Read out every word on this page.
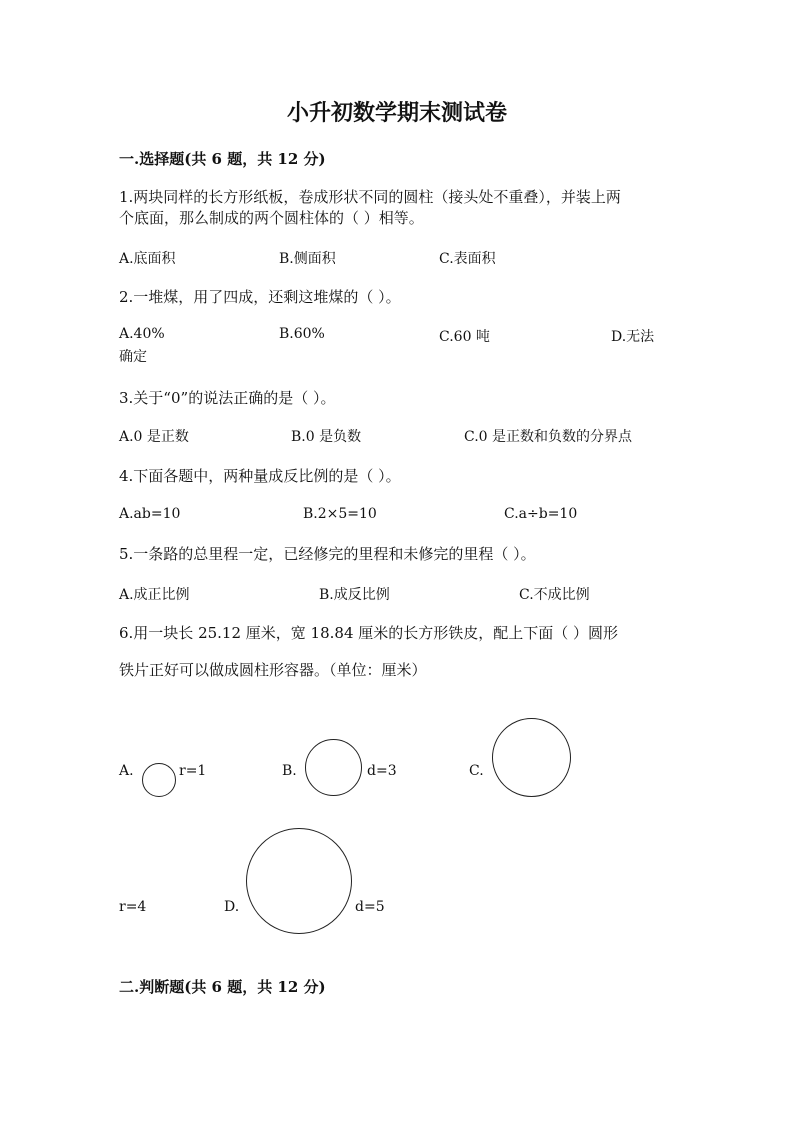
小升初数学期末测试卷
一.选择题(共 6 题，共 12 分)
1.两块同样的长方形纸板，卷成形状不同的圆柱（接头处不重叠），并装上两
个底面，那么制成的两个圆柱体的（ ）相等。
A.底面积	B.侧面积	C.表面积
2.一堆煤，用了四成，还剩这堆煤的（ ）。
A.40%	B.60%	C.60 吨	D.无法
确定
3.关于“0”的说法正确的是（ ）。
A.0 是正数	B.0 是负数	C.0 是正数和负数的分界点
4.下面各题中，两种量成反比例的是（ ）。
A.ab=10	B.2×5=10	C.a÷b=10
5.一条路的总里程一定，已经修完的里程和未修完的里程（ ）。
A.成正比例	B.成反比例	C.不成比例
6.用一块长 25.12 厘米，宽 18.84 厘米的长方形铁皮，配上下面（ ）圆形
铁片正好可以做成圆柱形容器。（单位：厘米）
A.	r=1	B.	d=3	C.
r=4	D.	d=5
二.判断题(共 6 题，共 12 分)
